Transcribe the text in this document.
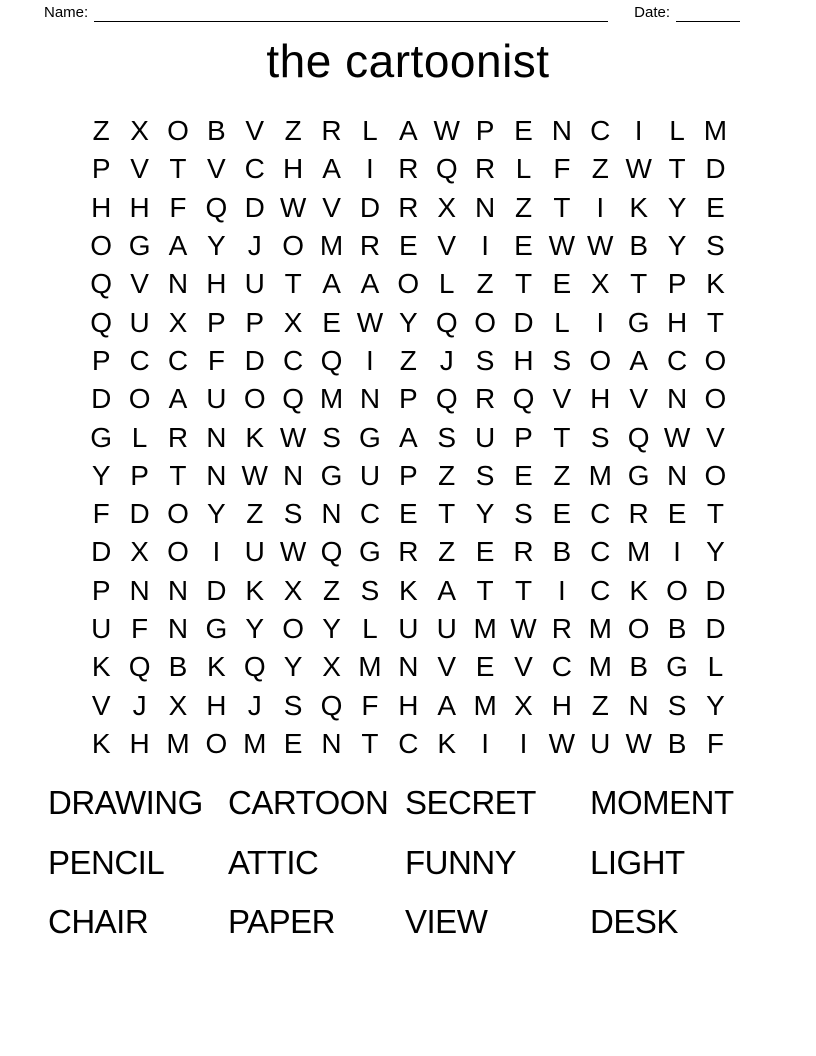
Name:	Date:
the cartoonist
Z X O B V Z R L A W P E N C I L M
P V T V C H A I R Q R L F Z W T D
H H F Q D W V D R X N Z T I K Y E
O G A Y J O M R E V I E W W B Y S
Q V N H U T A A O L Z T E X T P K
Q U X P P X E W Y Q O D L I G H T
P C C F D C Q I Z J S H S O A C O
D O A U O Q M N P Q R Q V H V N O
G L R N K W S G A S U P T S Q W V
Y P T N W N G U P Z S E Z M G N O
F D O Y Z S N C E T Y S E C R E T
D X O I U W Q G R Z E R B C M I Y
P N N D K X Z S K A T T I C K O D
U F N G Y O Y L U U M W R M O B D
K Q B K Q Y X M N V E V C M B G L
V J X H J S Q F H A M X H Z N S Y
K H M O M E N T C K I	I W U W B F
DRAWING CARTOON SECRET	MOMENT
PENCIL	ATTIC	FUNNY	LIGHT
CHAIR	PAPER	VIEW	DESK
